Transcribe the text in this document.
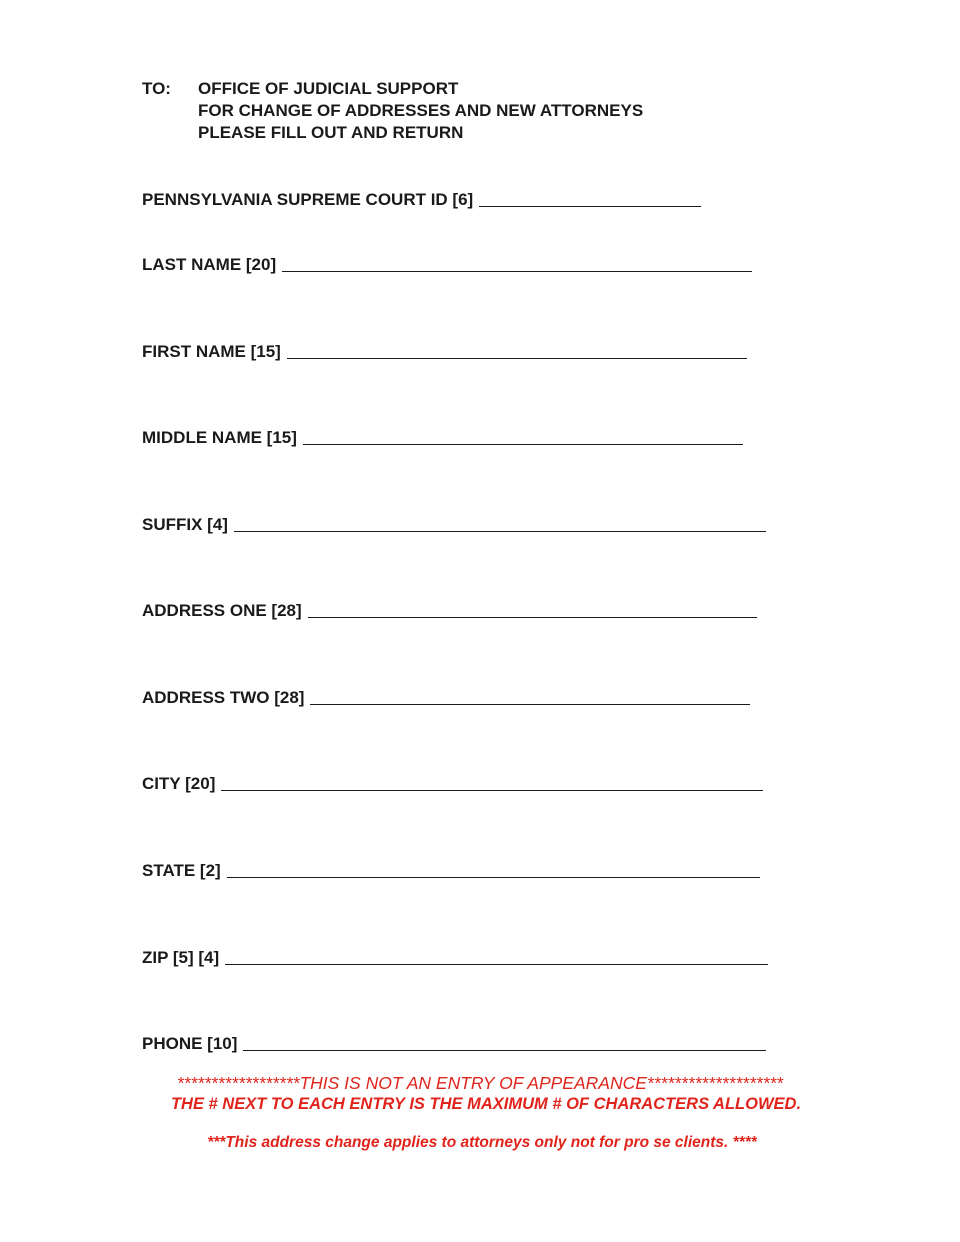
TO: OFFICE OF JUDICIAL SUPPORT
FOR CHANGE OF ADDRESSES AND NEW ATTORNEYS
PLEASE FILL OUT AND RETURN
PENNSYLVANIA SUPREME COURT ID [6]
LAST NAME [20]
FIRST NAME [15]
MIDDLE NAME [15]
SUFFIX [4]
ADDRESS ONE [28]
ADDRESS TWO [28]
CITY [20]
STATE [2]
ZIP [5] [4]
PHONE [10]
******************THIS IS NOT AN ENTRY OF APPEARANCE********************
THE # NEXT TO EACH ENTRY IS THE MAXIMUM # OF CHARACTERS ALLOWED.
***This address change applies to attorneys only not for pro se clients. ****
